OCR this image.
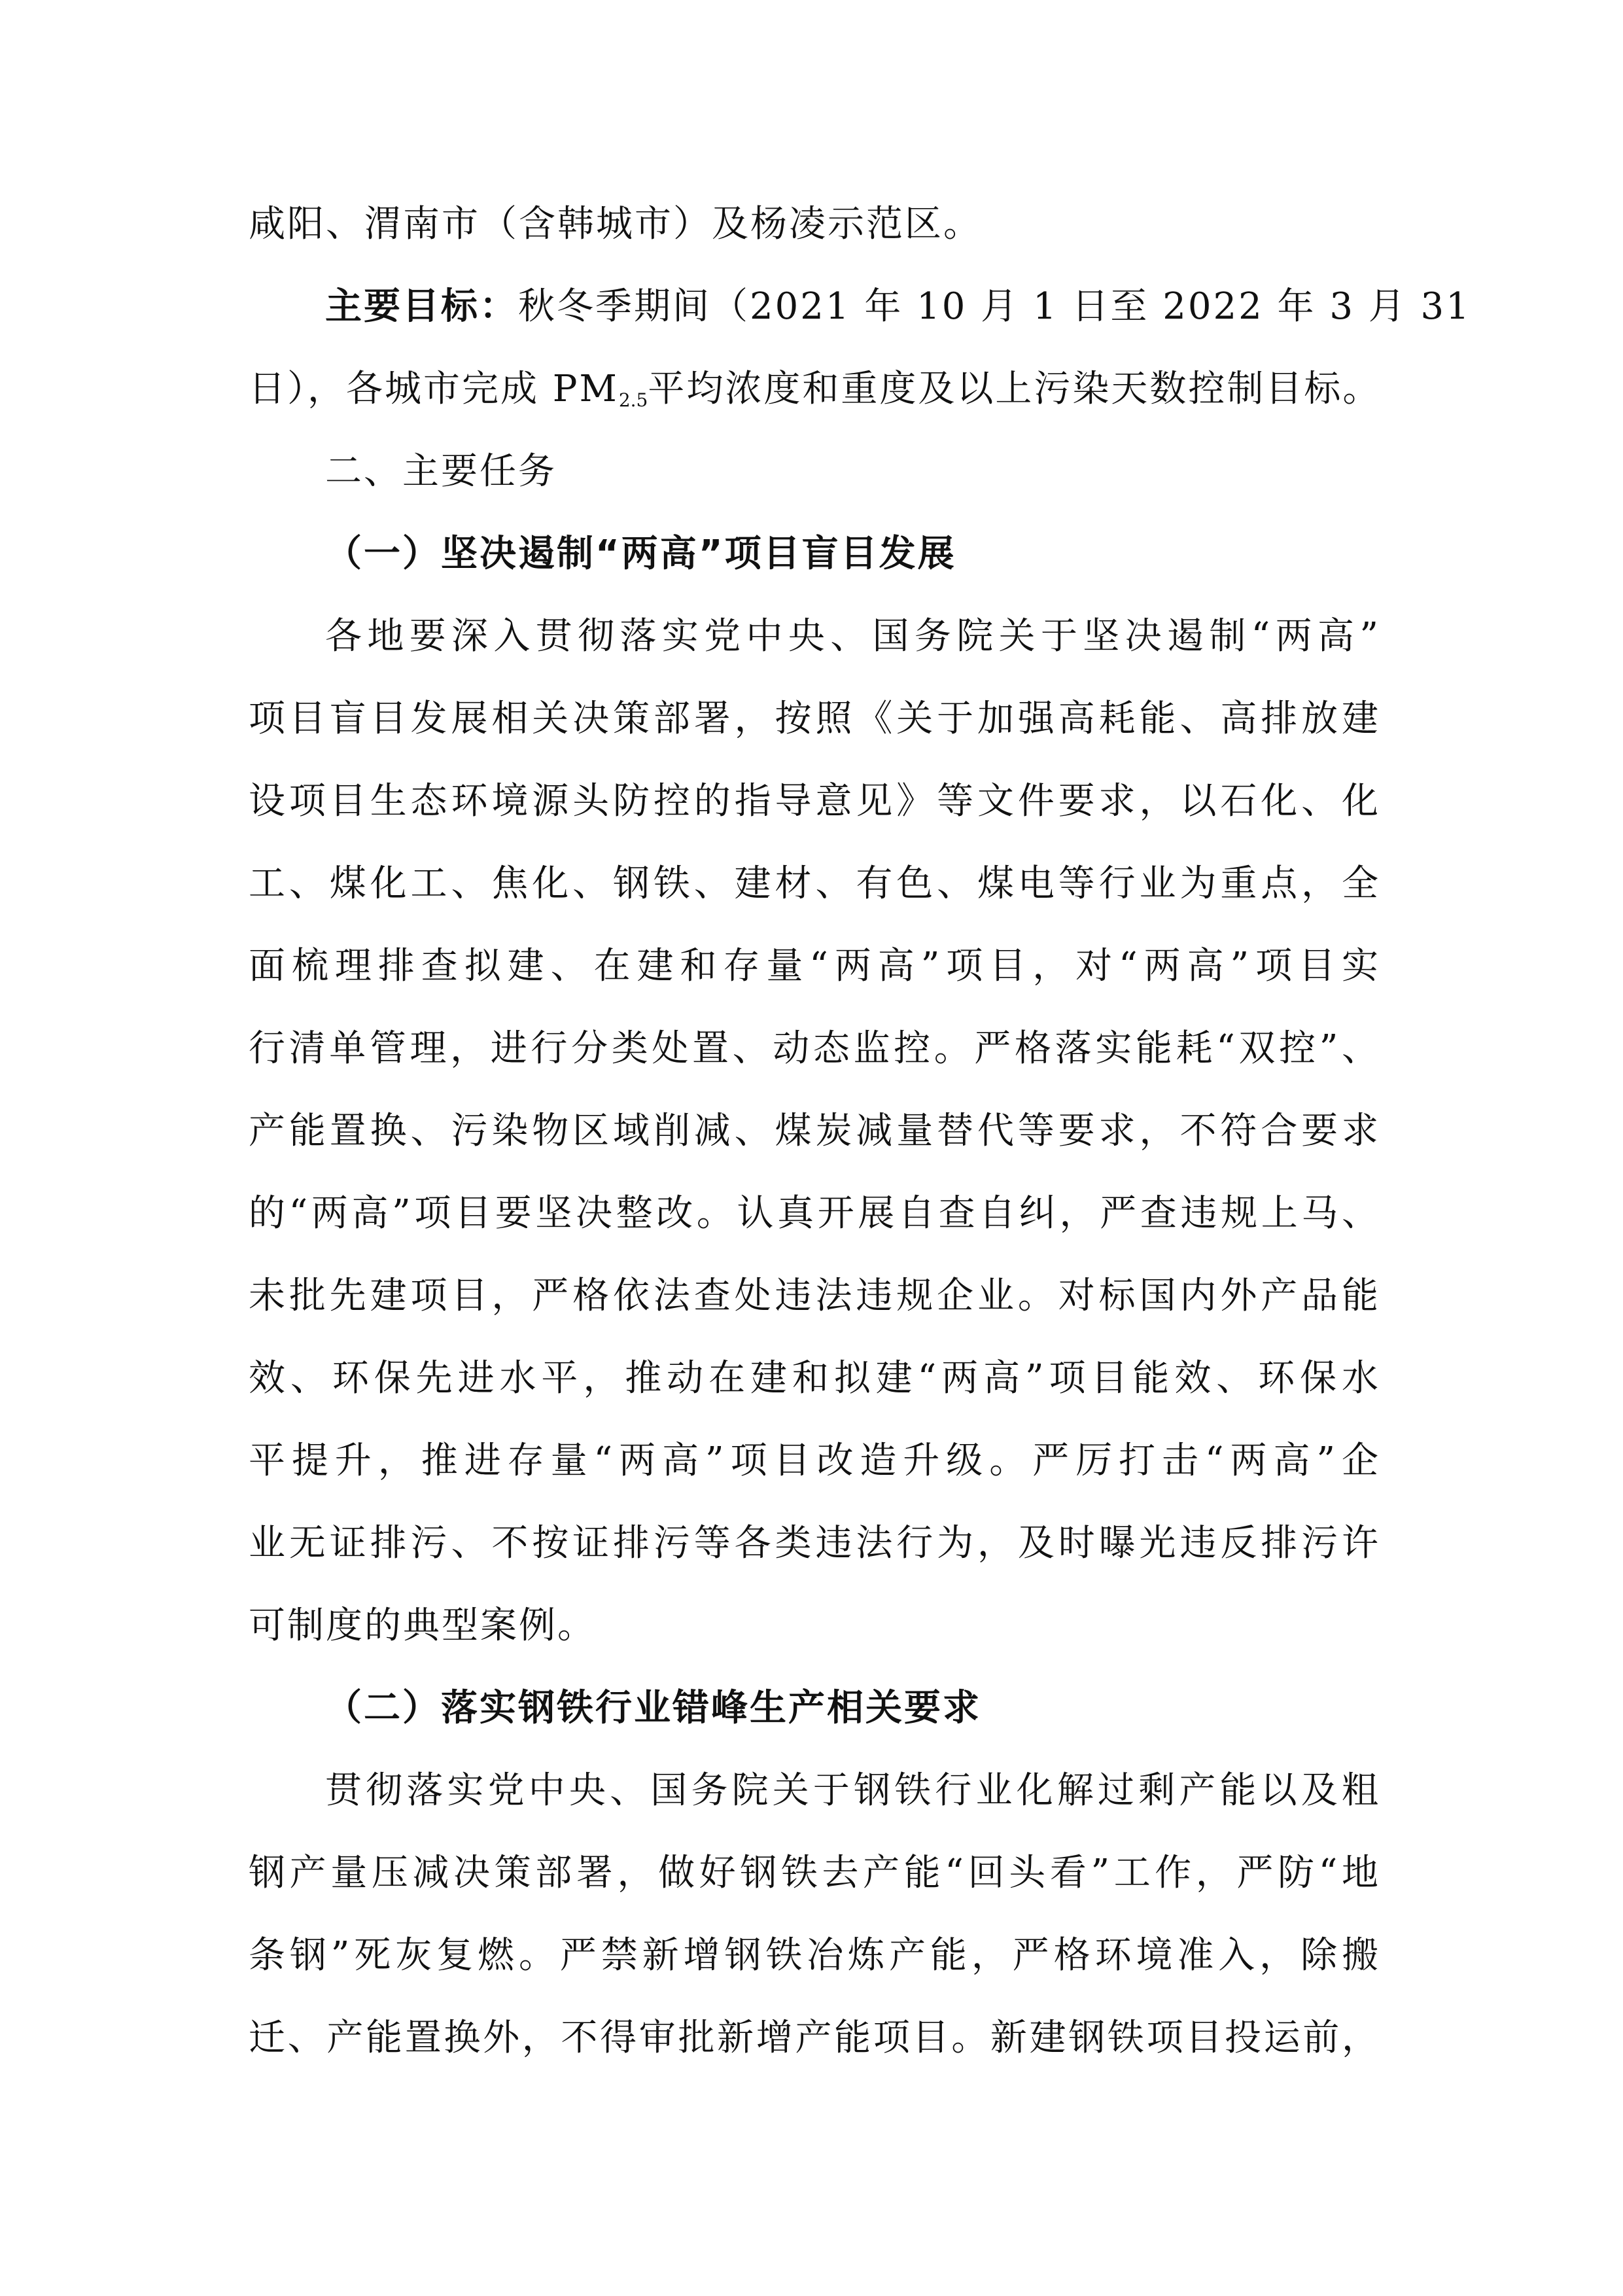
咸阳、渭南市（含韩城市）及杨凌示范区。
主要目标：秋冬季期间（2021 年 10 月 1 日至 2022 年 3 月 31
日），各城市完成 $PM_{2.5}$平均浓度和重度及以上污染天数控制目标。
二、主要任务
（一）坚决遏制“两高”项目盲目发展
各地要深入贯彻落实党中央、国务院关于坚决遏制“两高”
项目盲目发展相关决策部署，按照《关于加强高耗能、高排放建
设项目生态环境源头防控的指导意见》等文件要求，以石化、化
工、煤化工、焦化、钢铁、建材、有色、煤电等行业为重点，全
面梳理排查拟建、在建和存量“两高”项目，对“两高”项目实
行清单管理，进行分类处置、动态监控。严格落实能耗“双控”、
产能置换、污染物区域削减、煤炭减量替代等要求，不符合要求
的“两高”项目要坚决整改。认真开展自查自纠，严查违规上马、
未批先建项目，严格依法查处违法违规企业。对标国内外产品能
效、环保先进水平，推动在建和拟建“两高”项目能效、环保水
平提升，推进存量“两高”项目改造升级。严厉打击“两高”企
业无证排污、不按证排污等各类违法行为，及时曝光违反排污许
可制度的典型案例。
（二）落实钢铁行业错峰生产相关要求
贯彻落实党中央、国务院关于钢铁行业化解过剩产能以及粗
钢产量压减决策部署，做好钢铁去产能“回头看”工作，严防“地
条钢”死灰复燃。严禁新增钢铁冶炼产能，严格环境准入，除搬
迁、产能置换外，不得审批新增产能项目。新建钢铁项目投运前，
